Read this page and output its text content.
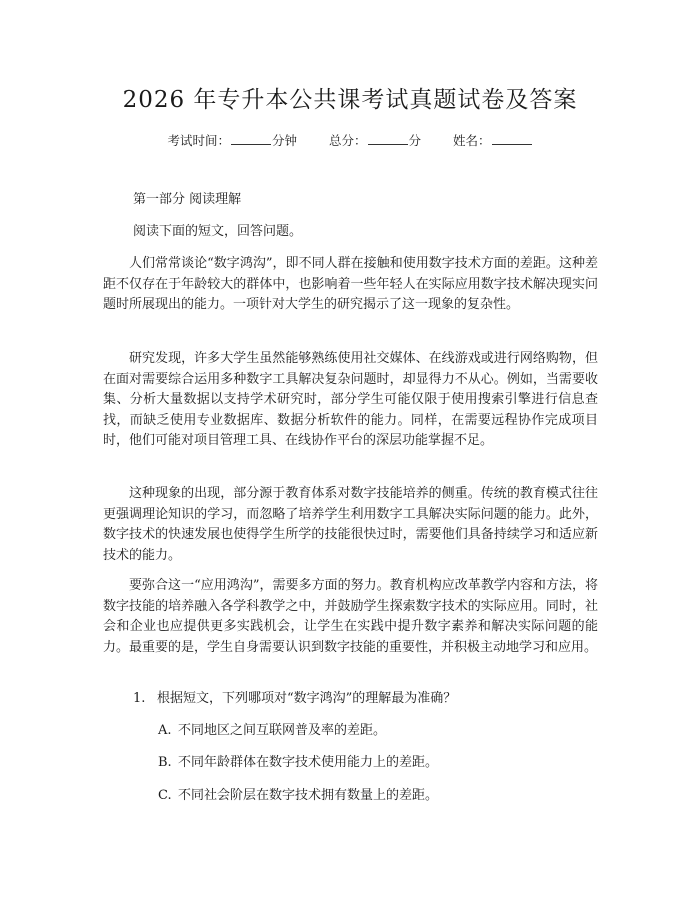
2026 年专升本公共课考试真题试卷及答案
考试时间：	分钟	总分：	分	姓名：
第一部分 阅读理解
阅读下面的短文，回答问题。

人们常常谈论“数字鸿沟”，即不同人群在接触和使用数字技术方面的差距。这种差距不仅存在于年龄较大的群体中，也影响着一些年轻人在实际应用数字技术解决现实问题时所展现出的能力。一项针对大学生的研究揭示了这一现象的复杂性。

研究发现，许多大学生虽然能够熟练使用社交媒体、在线游戏或进行网络购物，但在面对需要综合运用多种数字工具解决复杂问题时，却显得力不从心。例如，当需要收集、分析大量数据以支持学术研究时，部分学生可能仅限于使用搜索引擎进行信息查找，而缺乏使用专业数据库、数据分析软件的能力。同样，在需要远程协作完成项目时，他们可能对项目管理工具、在线协作平台的深层功能掌握不足。

这种现象的出现，部分源于教育体系对数字技能培养的侧重。传统的教育模式往往更强调理论知识的学习，而忽略了培养学生利用数字工具解决实际问题的能力。此外，数字技术的快速发展也使得学生所学的技能很快过时，需要他们具备持续学习和适应新技术的能力。

要弥合这一“应用鸿沟”，需要多方面的努力。教育机构应改革教学内容和方法，将数字技能的培养融入各学科教学之中，并鼓励学生探索数字技术的实际应用。同时，社会和企业也应提供更多实践机会，让学生在实践中提升数字素养和解决实际问题的能力。最重要的是，学生自身需要认识到数字技能的重要性，并积极主动地学习和应用。

1. 根据短文，下列哪项对“数字鸿沟”的理解最为准确？
A. 不同地区之间互联网普及率的差距。
B. 不同年龄群体在数字技术使用能力上的差距。
C. 不同社会阶层在数字技术拥有数量上的差距。
